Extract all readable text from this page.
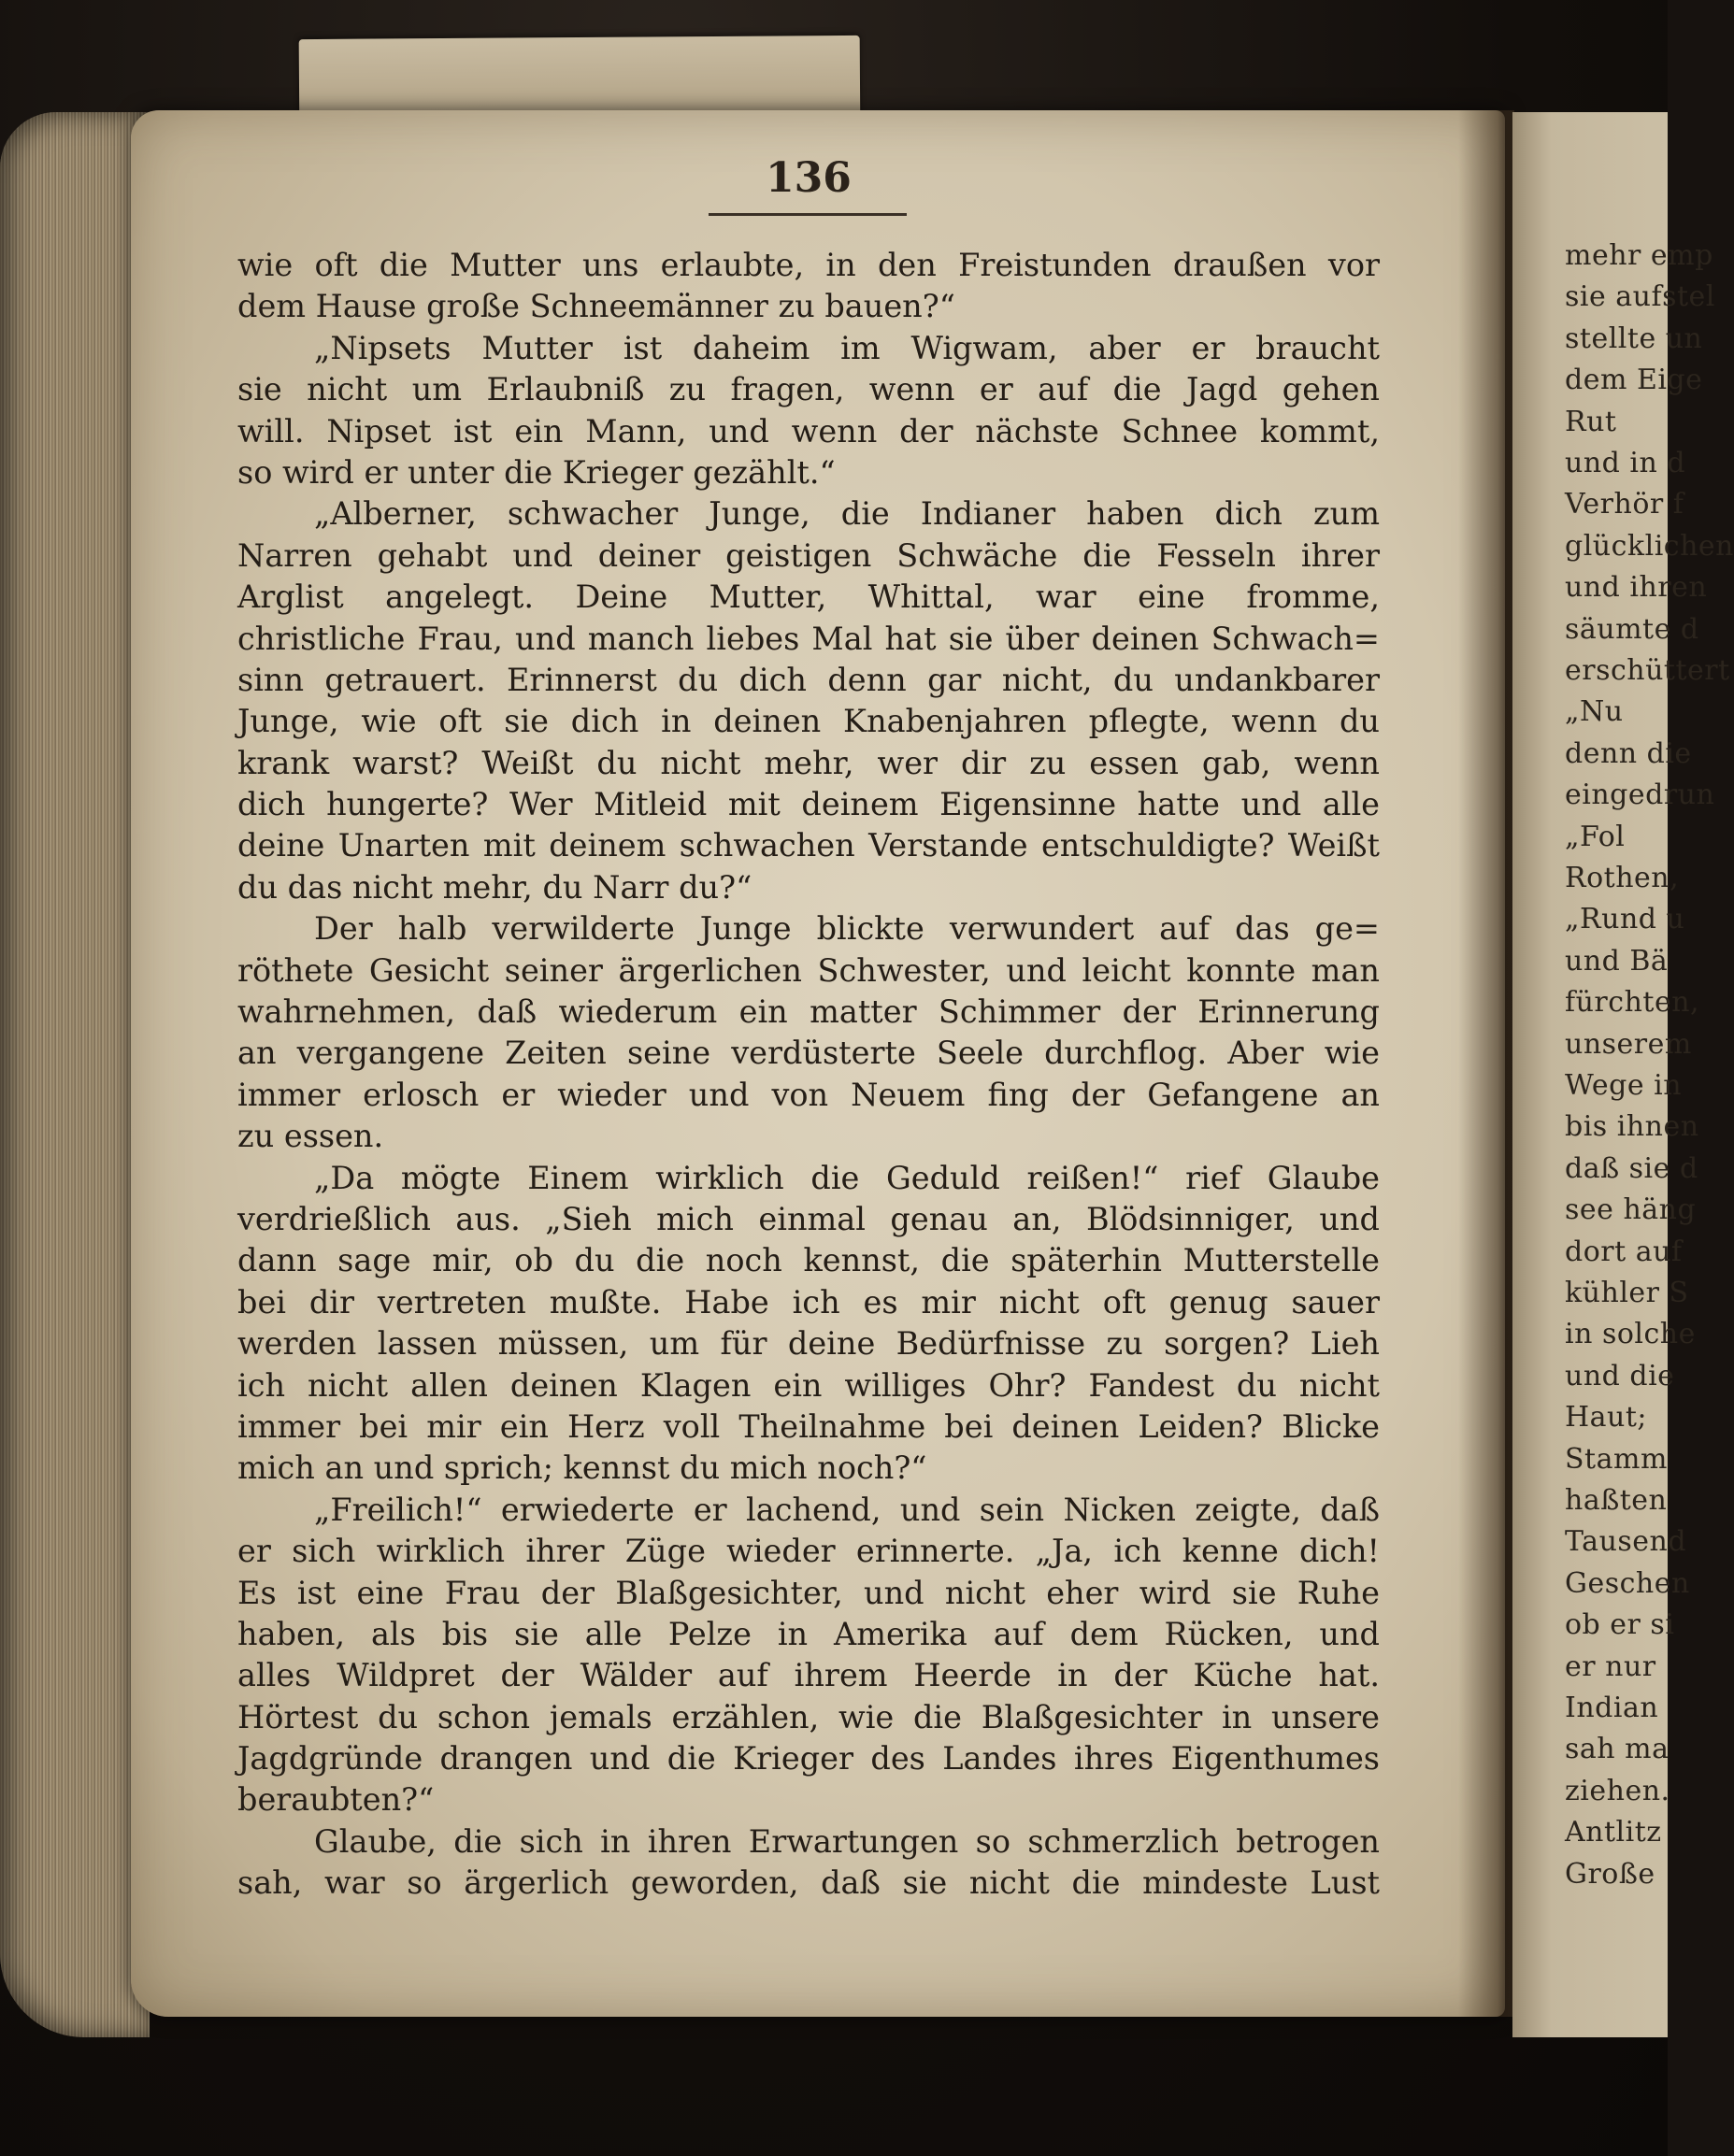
mehr emp
sie aufstel
stellte un
dem Eige
Rut
und in d
Verhör f
glücklichen
und ihren
säumte d
erschüttert
„Nu
denn die
eingedrun
„Fol
Rothen,
„Rund u
und Bä
fürchten,
unserem
Wege in
bis ihnen
daß sie d
see häng
dort auf
kühler S
in solche
und die
Haut;
Stamm
haßten
Tausend
Geschen
ob er si
er nur
Indian
sah ma
ziehen.
Antlitz
Große
136
wie oft die Mutter uns erlaubte, in den Freistunden draußen vor
dem Hause große Schneemänner zu bauen?“
„Nipsets Mutter ist daheim im Wigwam, aber er braucht
sie nicht um Erlaubniß zu fragen, wenn er auf die Jagd gehen
will. Nipset ist ein Mann, und wenn der nächste Schnee kommt,
so wird er unter die Krieger gezählt.“
„Alberner, schwacher Junge, die Indianer haben dich zum
Narren gehabt und deiner geistigen Schwäche die Fesseln ihrer
Arglist angelegt. Deine Mutter, Whittal, war eine fromme,
christliche Frau, und manch liebes Mal hat sie über deinen Schwach=
sinn getrauert. Erinnerst du dich denn gar nicht, du undankbarer
Junge, wie oft sie dich in deinen Knabenjahren pflegte, wenn du
krank warst? Weißt du nicht mehr, wer dir zu essen gab, wenn
dich hungerte? Wer Mitleid mit deinem Eigensinne hatte und alle
deine Unarten mit deinem schwachen Verstande entschuldigte? Weißt
du das nicht mehr, du Narr du?“
Der halb verwilderte Junge blickte verwundert auf das ge=
röthete Gesicht seiner ärgerlichen Schwester, und leicht konnte man
wahrnehmen, daß wiederum ein matter Schimmer der Erinnerung
an vergangene Zeiten seine verdüsterte Seele durchflog. Aber wie
immer erlosch er wieder und von Neuem fing der Gefangene an
zu essen.
„Da mögte Einem wirklich die Geduld reißen!“ rief Glaube
verdrießlich aus. „Sieh mich einmal genau an, Blödsinniger, und
dann sage mir, ob du die noch kennst, die späterhin Mutterstelle
bei dir vertreten mußte. Habe ich es mir nicht oft genug sauer
werden lassen müssen, um für deine Bedürfnisse zu sorgen? Lieh
ich nicht allen deinen Klagen ein williges Ohr? Fandest du nicht
immer bei mir ein Herz voll Theilnahme bei deinen Leiden? Blicke
mich an und sprich; kennst du mich noch?“
„Freilich!“ erwiederte er lachend, und sein Nicken zeigte, daß
er sich wirklich ihrer Züge wieder erinnerte. „Ja, ich kenne dich!
Es ist eine Frau der Blaßgesichter, und nicht eher wird sie Ruhe
haben, als bis sie alle Pelze in Amerika auf dem Rücken, und
alles Wildpret der Wälder auf ihrem Heerde in der Küche hat.
Hörtest du schon jemals erzählen, wie die Blaßgesichter in unsere
Jagdgründe drangen und die Krieger des Landes ihres Eigenthumes
beraubten?“
Glaube, die sich in ihren Erwartungen so schmerzlich betrogen
sah, war so ärgerlich geworden, daß sie nicht die mindeste Lust
